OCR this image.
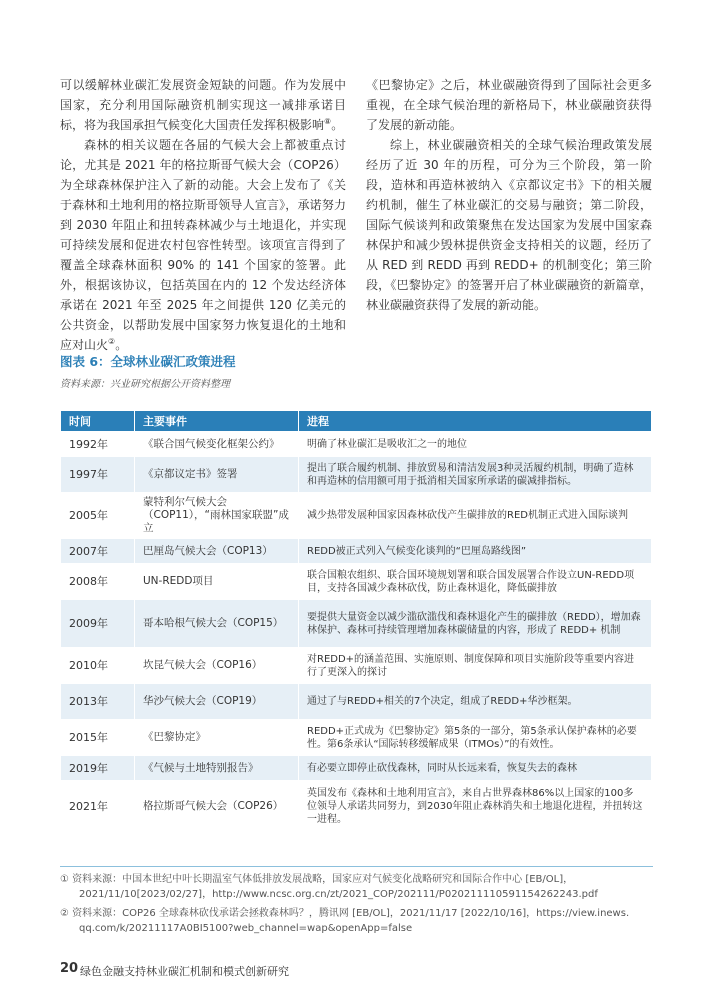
可以缓解林业碳汇发展资金短缺的问题。作为发展中国家，充分利用国际融资机制实现这一减排承诺目标，将为我国承担气候变化大国责任发挥积极影响⑧。

森林的相关议题在各届的气候大会上都被重点讨论，尤其是 2021 年的格拉斯哥气候大会（COP26）为全球森林保护注入了新的动能。大会上发布了《关于森林和土地利用的格拉斯哥领导人宣言》，承诺努力到 2030 年阻止和扭转森林减少与土地退化，并实现可持续发展和促进农村包容性转型。该项宣言得到了覆盖全球森林面积 90% 的 141 个国家的签署。此外，根据该协议，包括英国在内的 12 个发达经济体承诺在 2021 年至 2025 年之间提供 120 亿美元的公共资金，以帮助发展中国家努力恢复退化的土地和应对山火②。

《巴黎协定》之后，林业碳融资得到了国际社会更多重视，在全球气候治理的新格局下，林业碳融资获得了发展的新动能。

综上，林业碳融资相关的全球气候治理政策发展经历了近 30 年的历程，可分为三个阶段，第一阶段，造林和再造林被纳入《京都议定书》下的相关履约机制，催生了林业碳汇的交易与融资；第二阶段，国际气候谈判和政策聚焦在发达国家为发展中国家森林保护和减少毁林提供资金支持相关的议题，经历了从 RED 到 REDD 再到 REDD+ 的机制变化；第三阶段，《巴黎协定》的签署开启了林业碳融资的新篇章，林业碳融资获得了发展的新动能。

图表 6：全球林业碳汇政策进程
资料来源：兴业研究根据公开资料整理
时间	主要事件	进程
1992年	《联合国气候变化框架公约》	明确了林业碳汇是吸收汇之一的地位
1997年	《京都议定书》签署	提出了联合履约机制、排放贸易和清洁发展3种灵活履约机制，明确了造林和再造林的信用额可用于抵消相关国家所承诺的碳减排指标。
2005年	蒙特利尔气候大会（COP11），“雨林国家联盟”成立	减少热带发展种国家因森林砍伐产生碳排放的RED机制正式进入国际谈判
2007年	巴厘岛气候大会（COP13）	REDD被正式列入气候变化谈判的“巴厘岛路线图”
2008年	UN-REDD项目	联合国粮农组织、联合国环境规划署和联合国发展署合作设立UN-REDD项目，支持各国减少森林砍伐，防止森林退化，降低碳排放
2009年	哥本哈根气候大会（COP15）	要提供大量资金以减少滥砍滥伐和森林退化产生的碳排放（REDD），增加森林保护、森林可持续管理增加森林碳储量的内容，形成了 REDD+ 机制
2010年	坎昆气候大会（COP16）	对REDD+的涵盖范围、实施原则、制度保障和项目实施阶段等重要内容进行了更深入的探讨
2013年	华沙气候大会（COP19）	通过了与REDD+相关的7个决定，组成了REDD+华沙框架。
2015年	《巴黎协定》	REDD+正式成为《巴黎协定》第5条的一部分，第5条承认保护森林的必要性。第6条承认“国际转移缓解成果（ITMOs）”的有效性。
2019年	《气候与土地特别报告》	有必要立即停止砍伐森林，同时从长远来看，恢复失去的森林
2021年	格拉斯哥气候大会（COP26）	英国发布《森林和土地利用宣言》，来自占世界森林86%以上国家的100多位领导人承诺共同努力，到2030年阻止森林消失和土地退化进程，并扭转这一进程。
① 资料来源：中国本世纪中叶长期温室气体低排放发展战略，国家应对气候变化战略研究和国际合作中心 [EB/OL]，
2021/11/10[2023/02/27]，http://www.ncsc.org.cn/zt/2021_COP/202111/P020211110591154262243.pdf
② 资料来源：COP26 全球森林砍伐承诺会拯救森林吗？，腾讯网 [EB/OL]，2021/11/17 [2022/10/16]，https://view.inews.
qq.com/k/20211117A0BI5100?web_channel=wap&openApp=false
20 绿色金融支持林业碳汇机制和模式创新研究
